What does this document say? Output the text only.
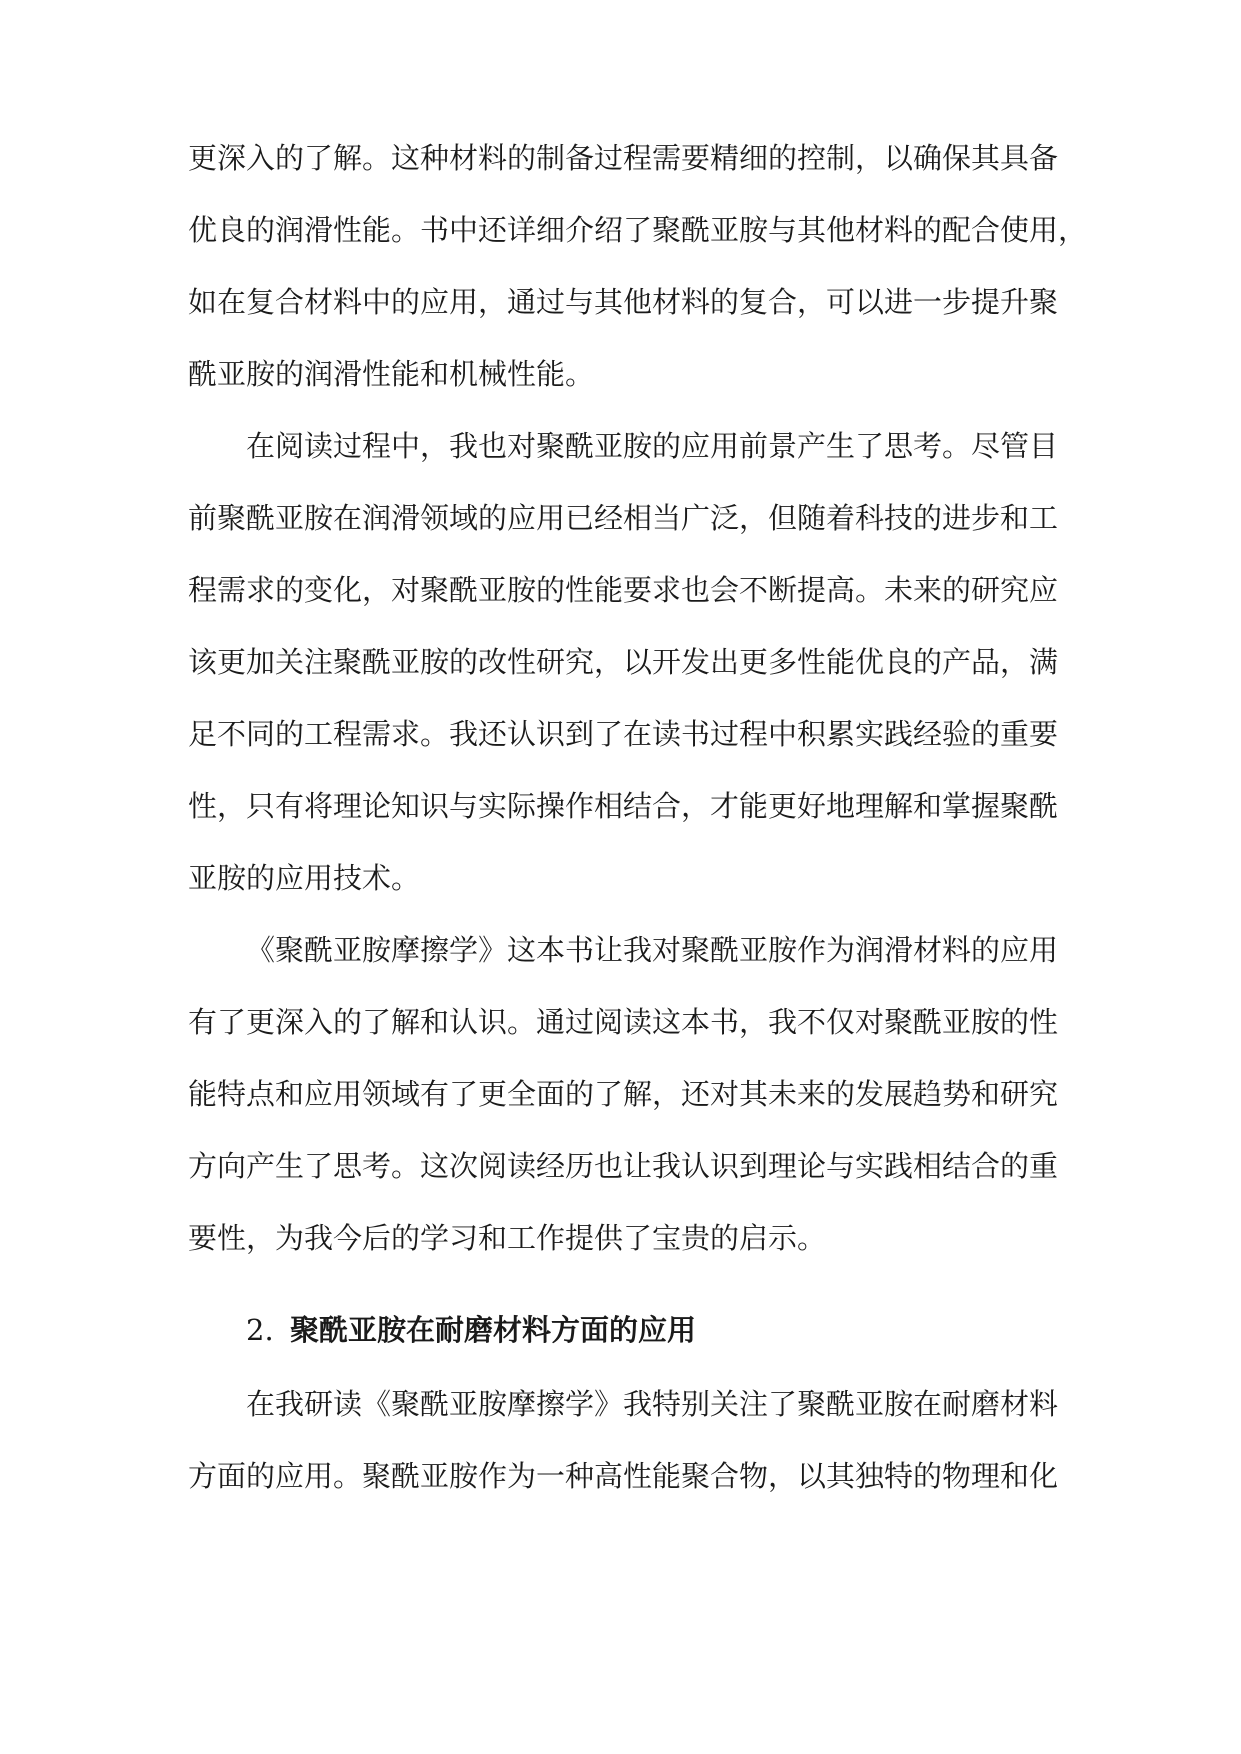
更深入的了解。这种材料的制备过程需要精细的控制，以确保其具备
优良的润滑性能。书中还详细介绍了聚酰亚胺与其他材料的配合使用，
如在复合材料中的应用，通过与其他材料的复合，可以进一步提升聚
酰亚胺的润滑性能和机械性能。
在阅读过程中，我也对聚酰亚胺的应用前景产生了思考。尽管目
前聚酰亚胺在润滑领域的应用已经相当广泛，但随着科技的进步和工
程需求的变化，对聚酰亚胺的性能要求也会不断提高。未来的研究应
该更加关注聚酰亚胺的改性研究，以开发出更多性能优良的产品，满
足不同的工程需求。我还认识到了在读书过程中积累实践经验的重要
性，只有将理论知识与实际操作相结合，才能更好地理解和掌握聚酰
亚胺的应用技术。
《聚酰亚胺摩擦学》这本书让我对聚酰亚胺作为润滑材料的应用
有了更深入的了解和认识。通过阅读这本书，我不仅对聚酰亚胺的性
能特点和应用领域有了更全面的了解，还对其未来的发展趋势和研究
方向产生了思考。这次阅读经历也让我认识到理论与实践相结合的重
要性，为我今后的学习和工作提供了宝贵的启示。
2. 聚酰亚胺在耐磨材料方面的应用
在我研读《聚酰亚胺摩擦学》我特别关注了聚酰亚胺在耐磨材料
方面的应用。聚酰亚胺作为一种高性能聚合物，以其独特的物理和化
